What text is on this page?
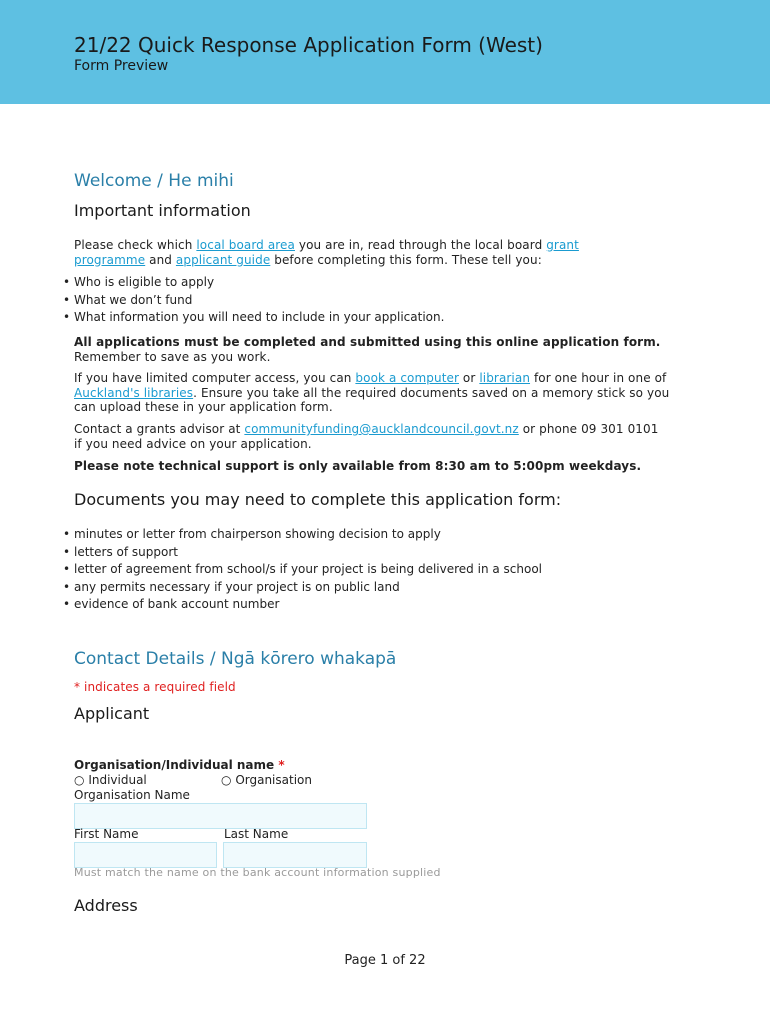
21/22 Quick Response Application Form (West)
Form Preview
Welcome / He mihi
Important information
Please check which local board area you are in, read through the local board grant programme and applicant guide before completing this form. These tell you:
• Who is eligible to apply
• What we don’t fund
• What information you will need to include in your application.
All applications must be completed and submitted using this online application form. Remember to save as you work.
If you have limited computer access, you can book a computer or librarian for one hour in one of Auckland's libraries. Ensure you take all the required documents saved on a memory stick so you can upload these in your application form.
Contact a grants advisor at communityfunding@aucklandcouncil.govt.nz or phone 09 301 0101 if you need advice on your application.
Please note technical support is only available from 8:30 am to 5:00pm weekdays.
Documents you may need to complete this application form:
• minutes or letter from chairperson showing decision to apply
• letters of support
• letter of agreement from school/s if your project is being delivered in a school
• any permits necessary if your project is on public land
• evidence of bank account number
Contact Details / Ngā kōrero whakapā
* indicates a required field
Applicant
Organisation/Individual name *
○ Individual	○ Organisation
Organisation Name
First Name	Last Name
Must match the name on the bank account information supplied
Address
Page 1 of 22
